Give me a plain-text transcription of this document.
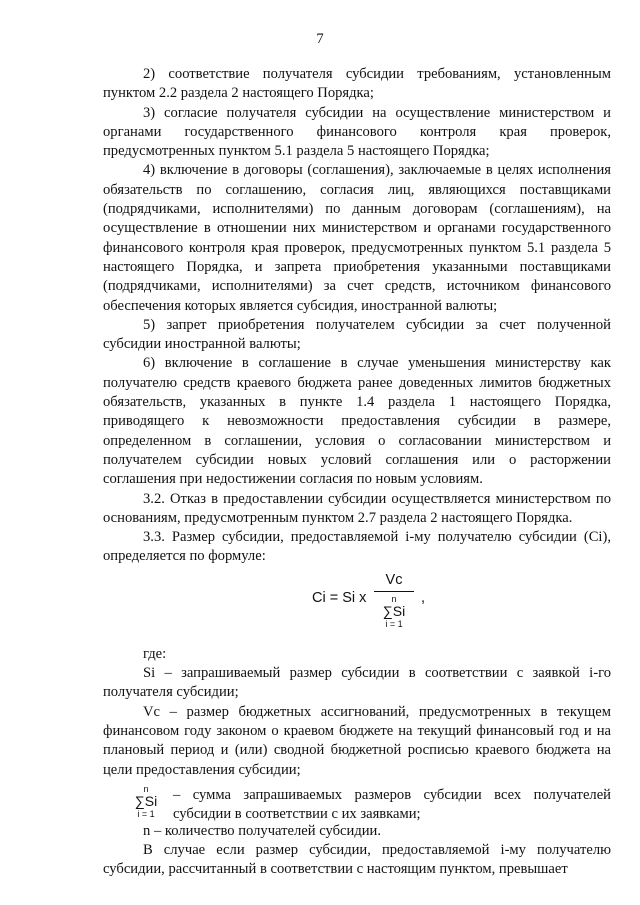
7

2) соответствие получателя субсидии требованиям, установленным пунктом 2.2 раздела 2 настоящего Порядка;

3) согласие получателя субсидии на осуществление министерством и органами государственного финансового контроля края проверок, предусмотренных пунктом 5.1 раздела 5 настоящего Порядка;

4) включение в договоры (соглашения), заключаемые в целях исполнения обязательств по соглашению, согласия лиц, являющихся поставщиками (подрядчиками, исполнителями) по данным договорам (соглашениям), на осуществление в отношении них министерством и органами государственного финансового контроля края проверок, предусмотренных пунктом 5.1 раздела 5 настоящего Порядка, и запрета приобретения указанными поставщиками (подрядчиками, исполнителями) за счет средств, источником финансового обеспечения которых является субсидия, иностранной валюты;

5) запрет приобретения получателем субсидии за счет полученной субсидии иностранной валюты;

6) включение в соглашение в случае уменьшения министерству как получателю средств краевого бюджета ранее доведенных лимитов бюджетных обязательств, указанных в пункте 1.4 раздела 1 настоящего Порядка, приводящего к невозможности предоставления субсидии в размере, определенном в соглашении, условия о согласовании министерством и получателем субсидии новых условий соглашения или о расторжении соглашения при недостижении согласия по новым условиям.

3.2. Отказ в предоставлении субсидии осуществляется министерством по основаниям, предусмотренным пунктом 2.7 раздела 2 настоящего Порядка.

3.3. Размер субсидии, предоставляемой i-му получателю субсидии (Ci), определяется по формуле:

Ci = Si x
Vс
n
∑Si
i = 1
,

где:

Si – запрашиваемый размер субсидии в соответствии с заявкой i-го получателя субсидии;

Vс – размер бюджетных ассигнований, предусмотренных в текущем финансовом году законом о краевом бюджете на текущий финансовый год и на плановый период и (или) сводной бюджетной росписью краевого бюджета на цели предоставления субсидии;

n
∑Si
i = 1
– сумма запрашиваемых размеров субсидии всех получателей субсидии в соответствии с их заявками;

n – количество получателей субсидии.

В случае если размер субсидии, предоставляемой i-му получателю субсидии, рассчитанный в соответствии с настоящим пунктом, превышает
